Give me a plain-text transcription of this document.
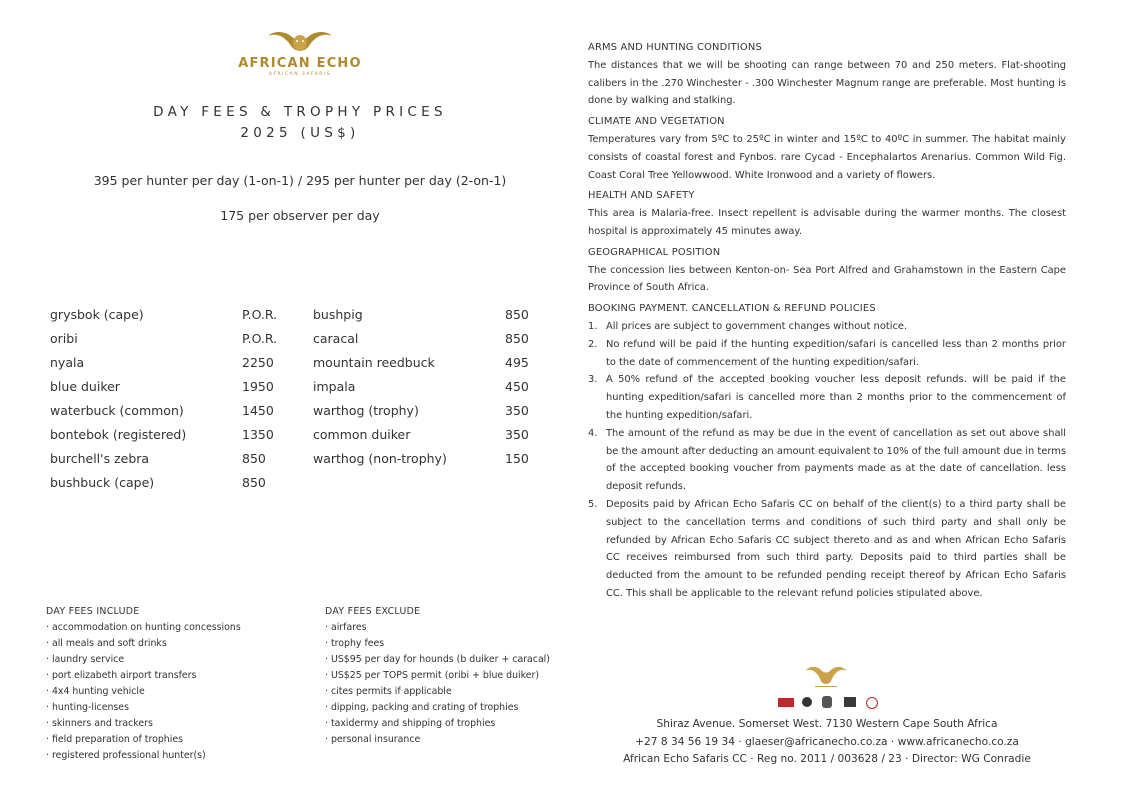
AFRICAN ECHO
AFRICAN SAFARIS
DAY FEES & TROPHY PRICES
2025 (US$)
395 per hunter per day (1-on-1) / 295 per hunter per day (2-on-1)
175 per observer per day
grysbok (cape)	P.O.R.
oribi	P.O.R.
nyala	2250
blue duiker	1950
waterbuck (common)	1450
bontebok (registered)	1350
burchell's zebra	850
bushbuck (cape)	850
bushpig	850
caracal	850
mountain reedbuck	495
impala	450
warthog (trophy)	350
common duiker	350
warthog (non-trophy)	150
DAY FEES INCLUDE
· accommodation on hunting concessions
· all meals and soft drinks
· laundry service
· port elizabeth airport transfers
· 4x4 hunting vehicle
· hunting-licenses
· skinners and trackers
· field preparation of trophies
· registered professional hunter(s)
DAY FEES EXCLUDE
· airfares
· trophy fees
· US$95 per day for hounds (b duiker + caracal)
· US$25 per TOPS permit (oribi + blue duiker)
· cites permits if applicable
· dipping, packing and crating of trophies
· taxidermy and shipping of trophies
· personal insurance
ARMS AND HUNTING CONDITIONS
The distances that we will be shooting can range between 70 and 250 meters. Flat-shooting calibers in the .270 Winchester - .300 Winchester Magnum range are preferable. Most hunting is done by walking and stalking.
CLIMATE AND VEGETATION
Temperatures vary from 5ºC to 25ºC in winter and 15ºC to 40ºC in summer. The habitat mainly consists of coastal forest and Fynbos. rare Cycad - Encephalartos Arenarius. Common Wild Fig. Coast Coral Tree Yellowwood. White Ironwood and a variety of flowers.
HEALTH AND SAFETY
This area is Malaria-free. Insect repellent is advisable during the warmer months. The closest hospital is approximately 45 minutes away.
GEOGRAPHICAL POSITION
The concession lies between Kenton-on- Sea Port Alfred and Grahamstown in the Eastern Cape Province of South Africa.
BOOKING PAYMENT. CANCELLATION & REFUND POLICIES
1. All prices are subject to government changes without notice.
2. No refund will be paid if the hunting expedition/safari is cancelled less than 2 months prior to the date of commencement of the hunting expedition/safari.
3. A 50% refund of the accepted booking voucher less deposit refunds. will be paid if the hunting expedition/safari is cancelled more than 2 months prior to the commencement of the hunting expedition/safari.
4. The amount of the refund as may be due in the event of cancellation as set out above shall be the amount after deducting an amount equivalent to 10% of the full amount due in terms of the accepted booking voucher from payments made as at the date of cancellation. less deposit refunds.
5. Deposits paid by African Echo Safaris CC on behalf of the client(s) to a third party shall be subject to the cancellation terms and conditions of such third party and shall only be refunded by African Echo Safaris CC subject thereto and as and when African Echo Safaris CC receives reimbursed from such third party. Deposits paid to third parties shall be deducted from the amount to be refunded pending receipt thereof by African Echo Safaris CC. This shall be applicable to the relevant refund policies stipulated above.
Shiraz Avenue. Somerset West. 7130 Western Cape South Africa
+27 8 34 56 19 34 · glaeser@africanecho.co.za · www.africanecho.co.za
African Echo Safaris CC · Reg no. 2011 / 003628 / 23 · Director: WG Conradie
